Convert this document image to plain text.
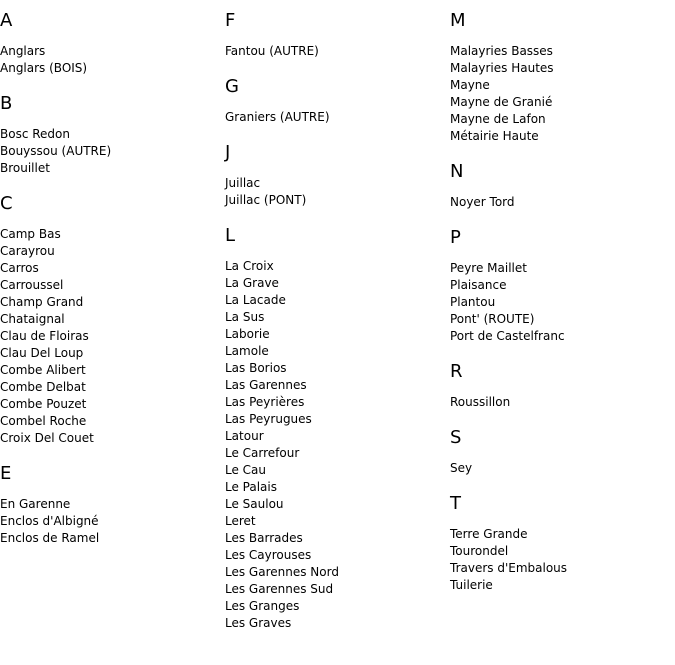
A
Anglars
Anglars (BOIS)
B
Bosc Redon
Bouyssou (AUTRE)
Brouillet
C
Camp Bas
Carayrou
Carros
Carroussel
Champ Grand
Chataignal
Clau de Floiras
Clau Del Loup
Combe Alibert
Combe Delbat
Combe Pouzet
Combel Roche
Croix Del Couet
E
En Garenne
Enclos d'Albigné
Enclos de Ramel
F
Fantou (AUTRE)
G
Graniers (AUTRE)
J
Juillac
Juillac (PONT)
L
La Croix
La Grave
La Lacade
La Sus
Laborie
Lamole
Las Borios
Las Garennes
Las Peyrières
Las Peyrugues
Latour
Le Carrefour
Le Cau
Le Palais
Le Saulou
Leret
Les Barrades
Les Cayrouses
Les Garennes Nord
Les Garennes Sud
Les Granges
Les Graves
M
Malayries Basses
Malayries Hautes
Mayne
Mayne de Granié
Mayne de Lafon
Métairie Haute
N
Noyer Tord
P
Peyre Maillet
Plaisance
Plantou
Pont' (ROUTE)
Port de Castelfranc
R
Roussillon
S
Sey
T
Terre Grande
Tourondel
Travers d'Embalous
Tuilerie
